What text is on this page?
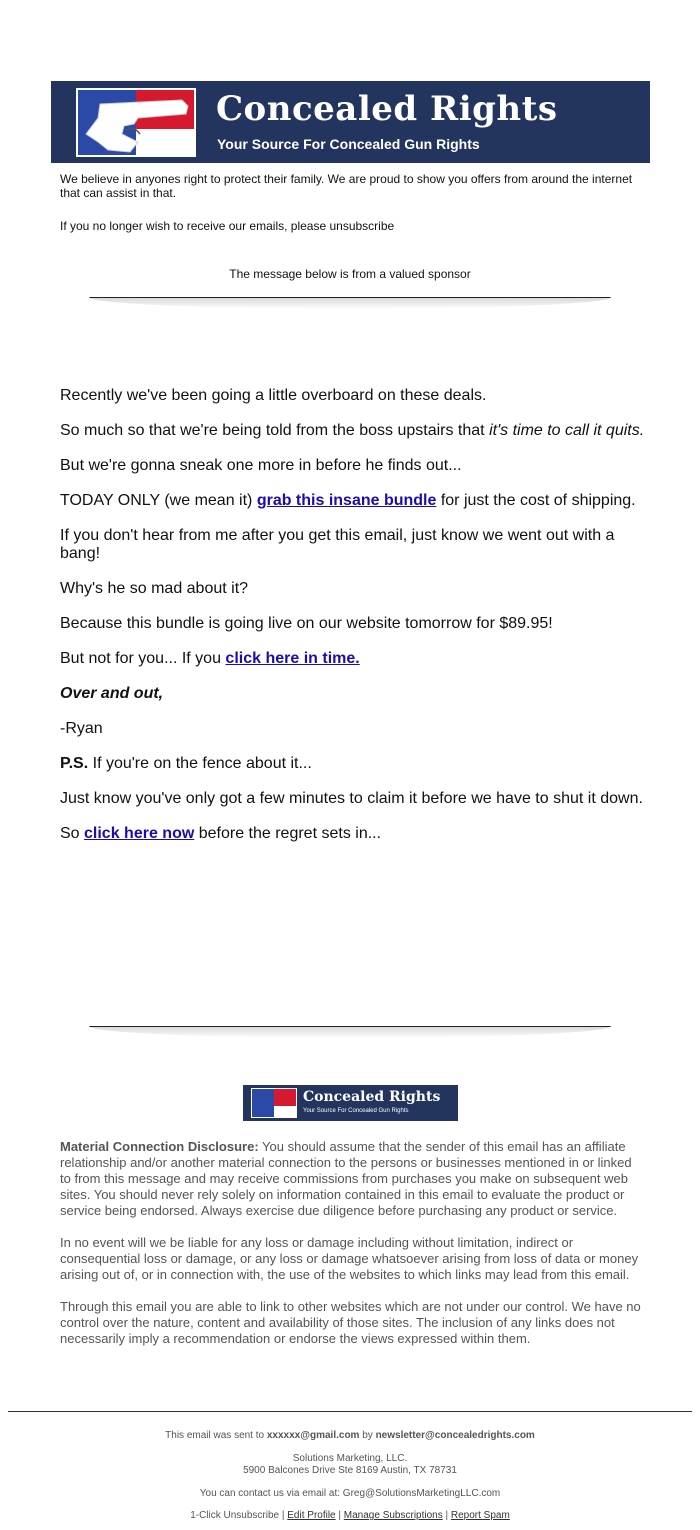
Concealed Rights
Your Source For Concealed Gun Rights
We believe in anyones right to protect their family. We are proud to show you offers from around the internet that can assist in that.
If you no longer wish to receive our emails, please unsubscribe
The message below is from a valued sponsor

Recently we've been going a little overboard on these deals.

So much so that we're being told from the boss upstairs that it's time to call it quits.

But we're gonna sneak one more in before he finds out...

TODAY ONLY (we mean it) grab this insane bundle for just the cost of shipping.

If you don't hear from me after you get this email, just know we went out with a bang!

Why's he so mad about it?

Because this bundle is going live on our website tomorrow for $89.95!

But not for you... If you click here in time.

Over and out,

-Ryan

P.S. If you're on the fence about it...

Just know you've only got a few minutes to claim it before we have to shut it down.

So click here now before the regret sets in...

Concealed Rights
Your Source For Concealed Gun Rights

Material Connection Disclosure: You should assume that the sender of this email has an affiliate relationship and/or another material connection to the persons or businesses mentioned in or linked to from this message and may receive commissions from purchases you make on subsequent web sites. You should never rely solely on information contained in this email to evaluate the product or service being endorsed. Always exercise due diligence before purchasing any product or service.

In no event will we be liable for any loss or damage including without limitation, indirect or consequential loss or damage, or any loss or damage whatsoever arising from loss of data or money arising out of, or in connection with, the use of the websites to which links may lead from this email.

Through this email you are able to link to other websites which are not under our control. We have no control over the nature, content and availability of those sites. The inclusion of any links does not necessarily imply a recommendation or endorse the views expressed within them.

This email was sent to xxxxxx@gmail.com by newsletter@concealedrights.com
Solutions Marketing, LLC.
5900 Balcones Drive Ste 8169 Austin, TX 78731
You can contact us via email at: Greg@SolutionsMarketingLLC.com
1-Click Unsubscribe | Edit Profile | Manage Subscriptions | Report Spam
